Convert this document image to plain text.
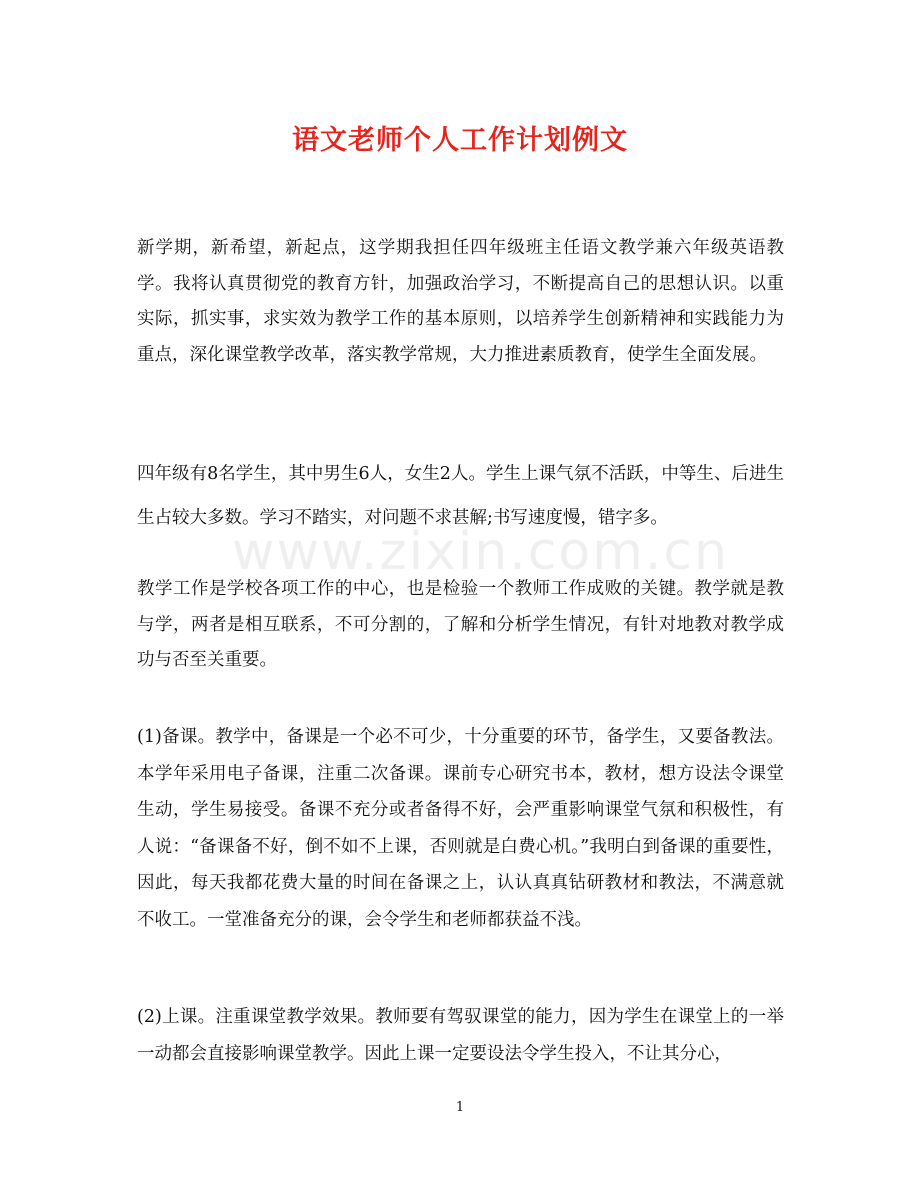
语文老师个人工作计划例文
www.zixin.com.cn

新学期，新希望，新起点，这学期我担任四年级班主任语文教学兼六年级英语教学。我将认真贯彻党的教育方针，加强政治学习，不断提高自己的思想认识。以重实际，抓实事，求实效为教学工作的基本原则，以培养学生创新精神和实践能力为重点，深化课堂教学改革，落实教学常规，大力推进素质教育，使学生全面发展。

四年级有8名学生，其中男生6人，女生2人。学生上课气氛不活跃，中等生、后进生生占较大多数。学习不踏实，对问题不求甚解;书写速度慢，错字多。

教学工作是学校各项工作的中心，也是检验一个教师工作成败的关键。教学就是教与学，两者是相互联系，不可分割的，了解和分析学生情况，有针对地教对教学成功与否至关重要。

(1)备课。教学中，备课是一个必不可少，十分重要的环节，备学生，又要备教法。本学年采用电子备课，注重二次备课。课前专心研究书本，教材，想方设法令课堂生动，学生易接受。备课不充分或者备得不好，会严重影响课堂气氛和积极性，有人说：“备课备不好，倒不如不上课，否则就是白费心机。”我明白到备课的重要性，因此，每天我都花费大量的时间在备课之上，认认真真钻研教材和教法，不满意就不收工。一堂准备充分的课，会令学生和老师都获益不浅。

(2)上课。注重课堂教学效果。教师要有驾驭课堂的能力，因为学生在课堂上的一举一动都会直接影响课堂教学。因此上课一定要设法令学生投入，不让其分心，

1
